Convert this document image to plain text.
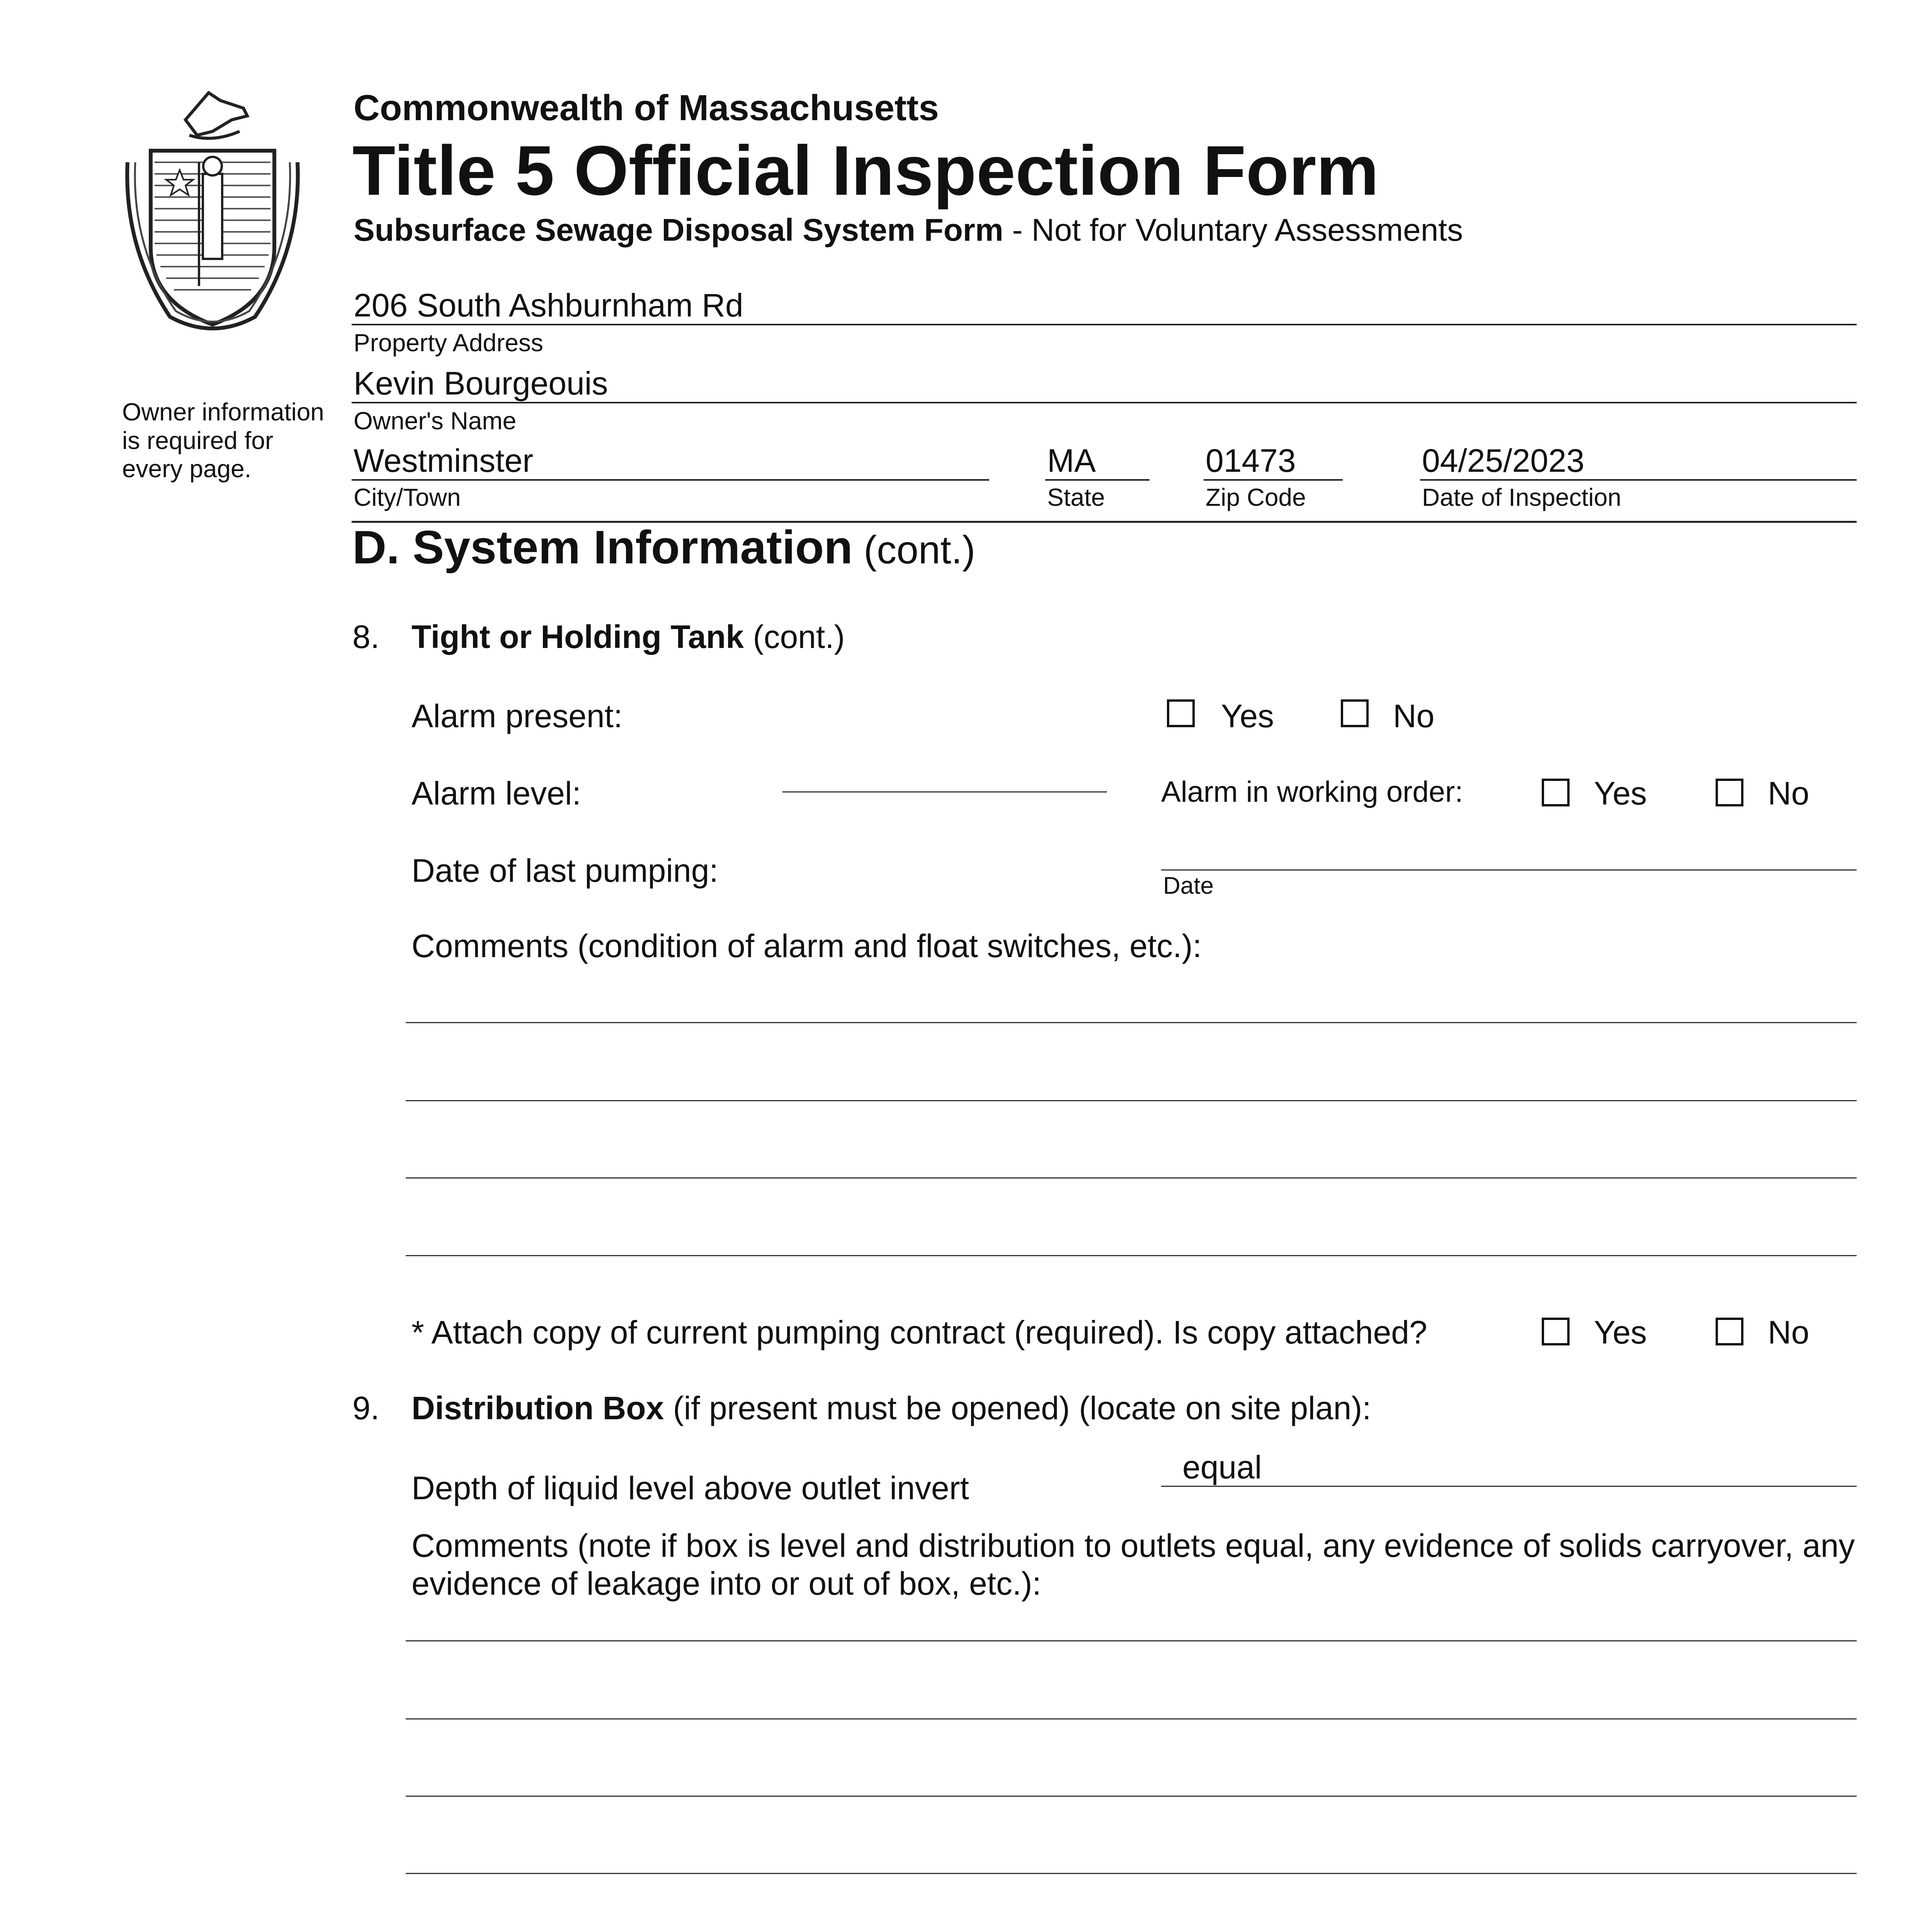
Owner information is required for every page.
Commonwealth of Massachusetts
Title 5 Official Inspection Form
Subsurface Sewage Disposal System Form - Not for Voluntary Assessments
206 South Ashburnham Rd
Property Address
Kevin Bourgeouis
Owner's Name
Westminster
City/Town
MA
State
01473
Zip Code
04/25/2023
Date of Inspection
D. System Information (cont.)
8. Tight or Holding Tank (cont.)
Alarm present:	Yes	No
Alarm level:	Alarm in working order:	Yes	No
Date of last pumping:	Date
Comments (condition of alarm and float switches, etc.):
* Attach copy of current pumping contract (required). Is copy attached?	Yes	No
9. Distribution Box (if present must be opened) (locate on site plan):
Depth of liquid level above outlet invert
equal
Comments (note if box is level and distribution to outlets equal, any evidence of solids carryover, any
evidence of leakage into or out of box, etc.):
